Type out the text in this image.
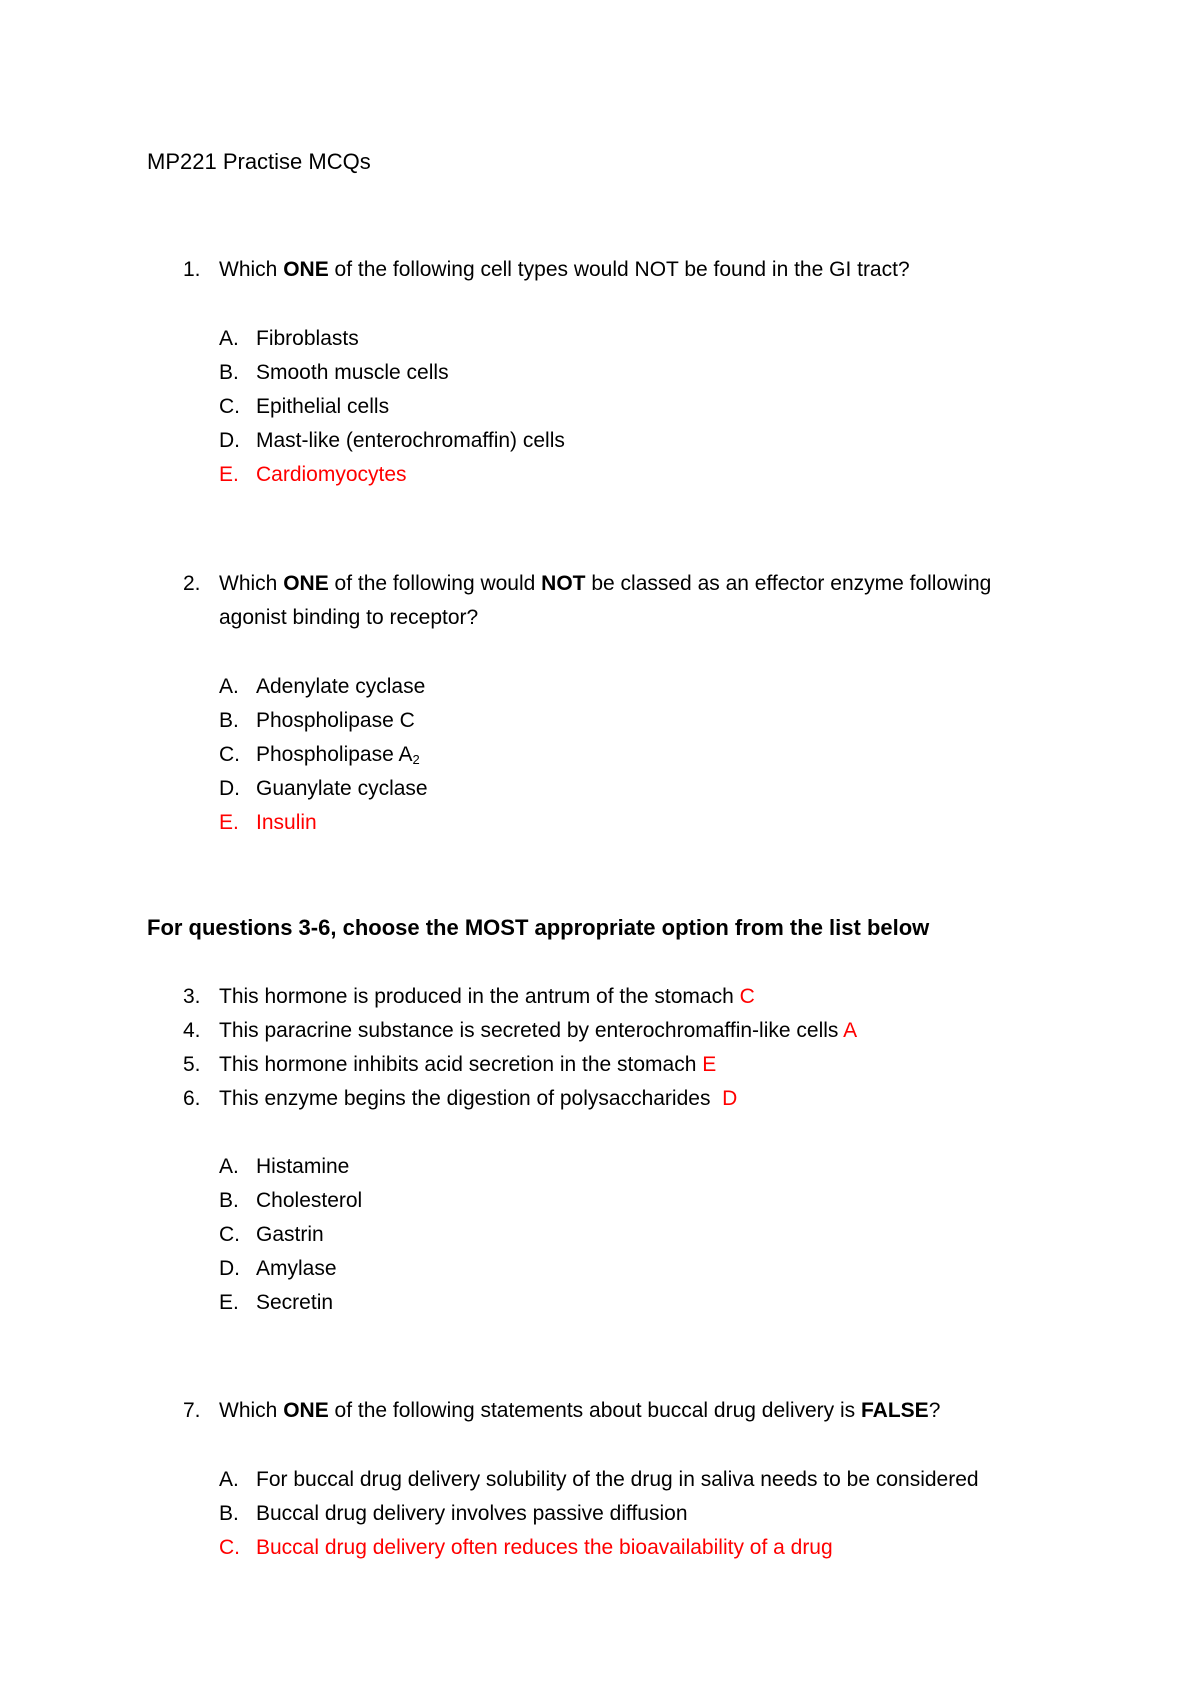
MP221 Practise MCQs
1. Which ONE of the following cell types would NOT be found in the GI tract?
A. Fibroblasts
B. Smooth muscle cells
C. Epithelial cells
D. Mast-like (enterochromaffin) cells
E. Cardiomyocytes
2. Which ONE of the following would NOT be classed as an effector enzyme following
agonist binding to receptor?
A. Adenylate cyclase
B. Phospholipase C
C. Phospholipase $A_2$
D. Guanylate cyclase
E. Insulin
For questions 3-6, choose the MOST appropriate option from the list below
3. This hormone is produced in the antrum of the stomach C
4. This paracrine substance is secreted by enterochromaffin-like cells A
5. This hormone inhibits acid secretion in the stomach E
6. This enzyme begins the digestion of polysaccharides  D
A. Histamine
B. Cholesterol
C. Gastrin
D. Amylase
E. Secretin
7. Which ONE of the following statements about buccal drug delivery is FALSE?
A. For buccal drug delivery solubility of the drug in saliva needs to be considered
B. Buccal drug delivery involves passive diffusion
C. Buccal drug delivery often reduces the bioavailability of a drug
